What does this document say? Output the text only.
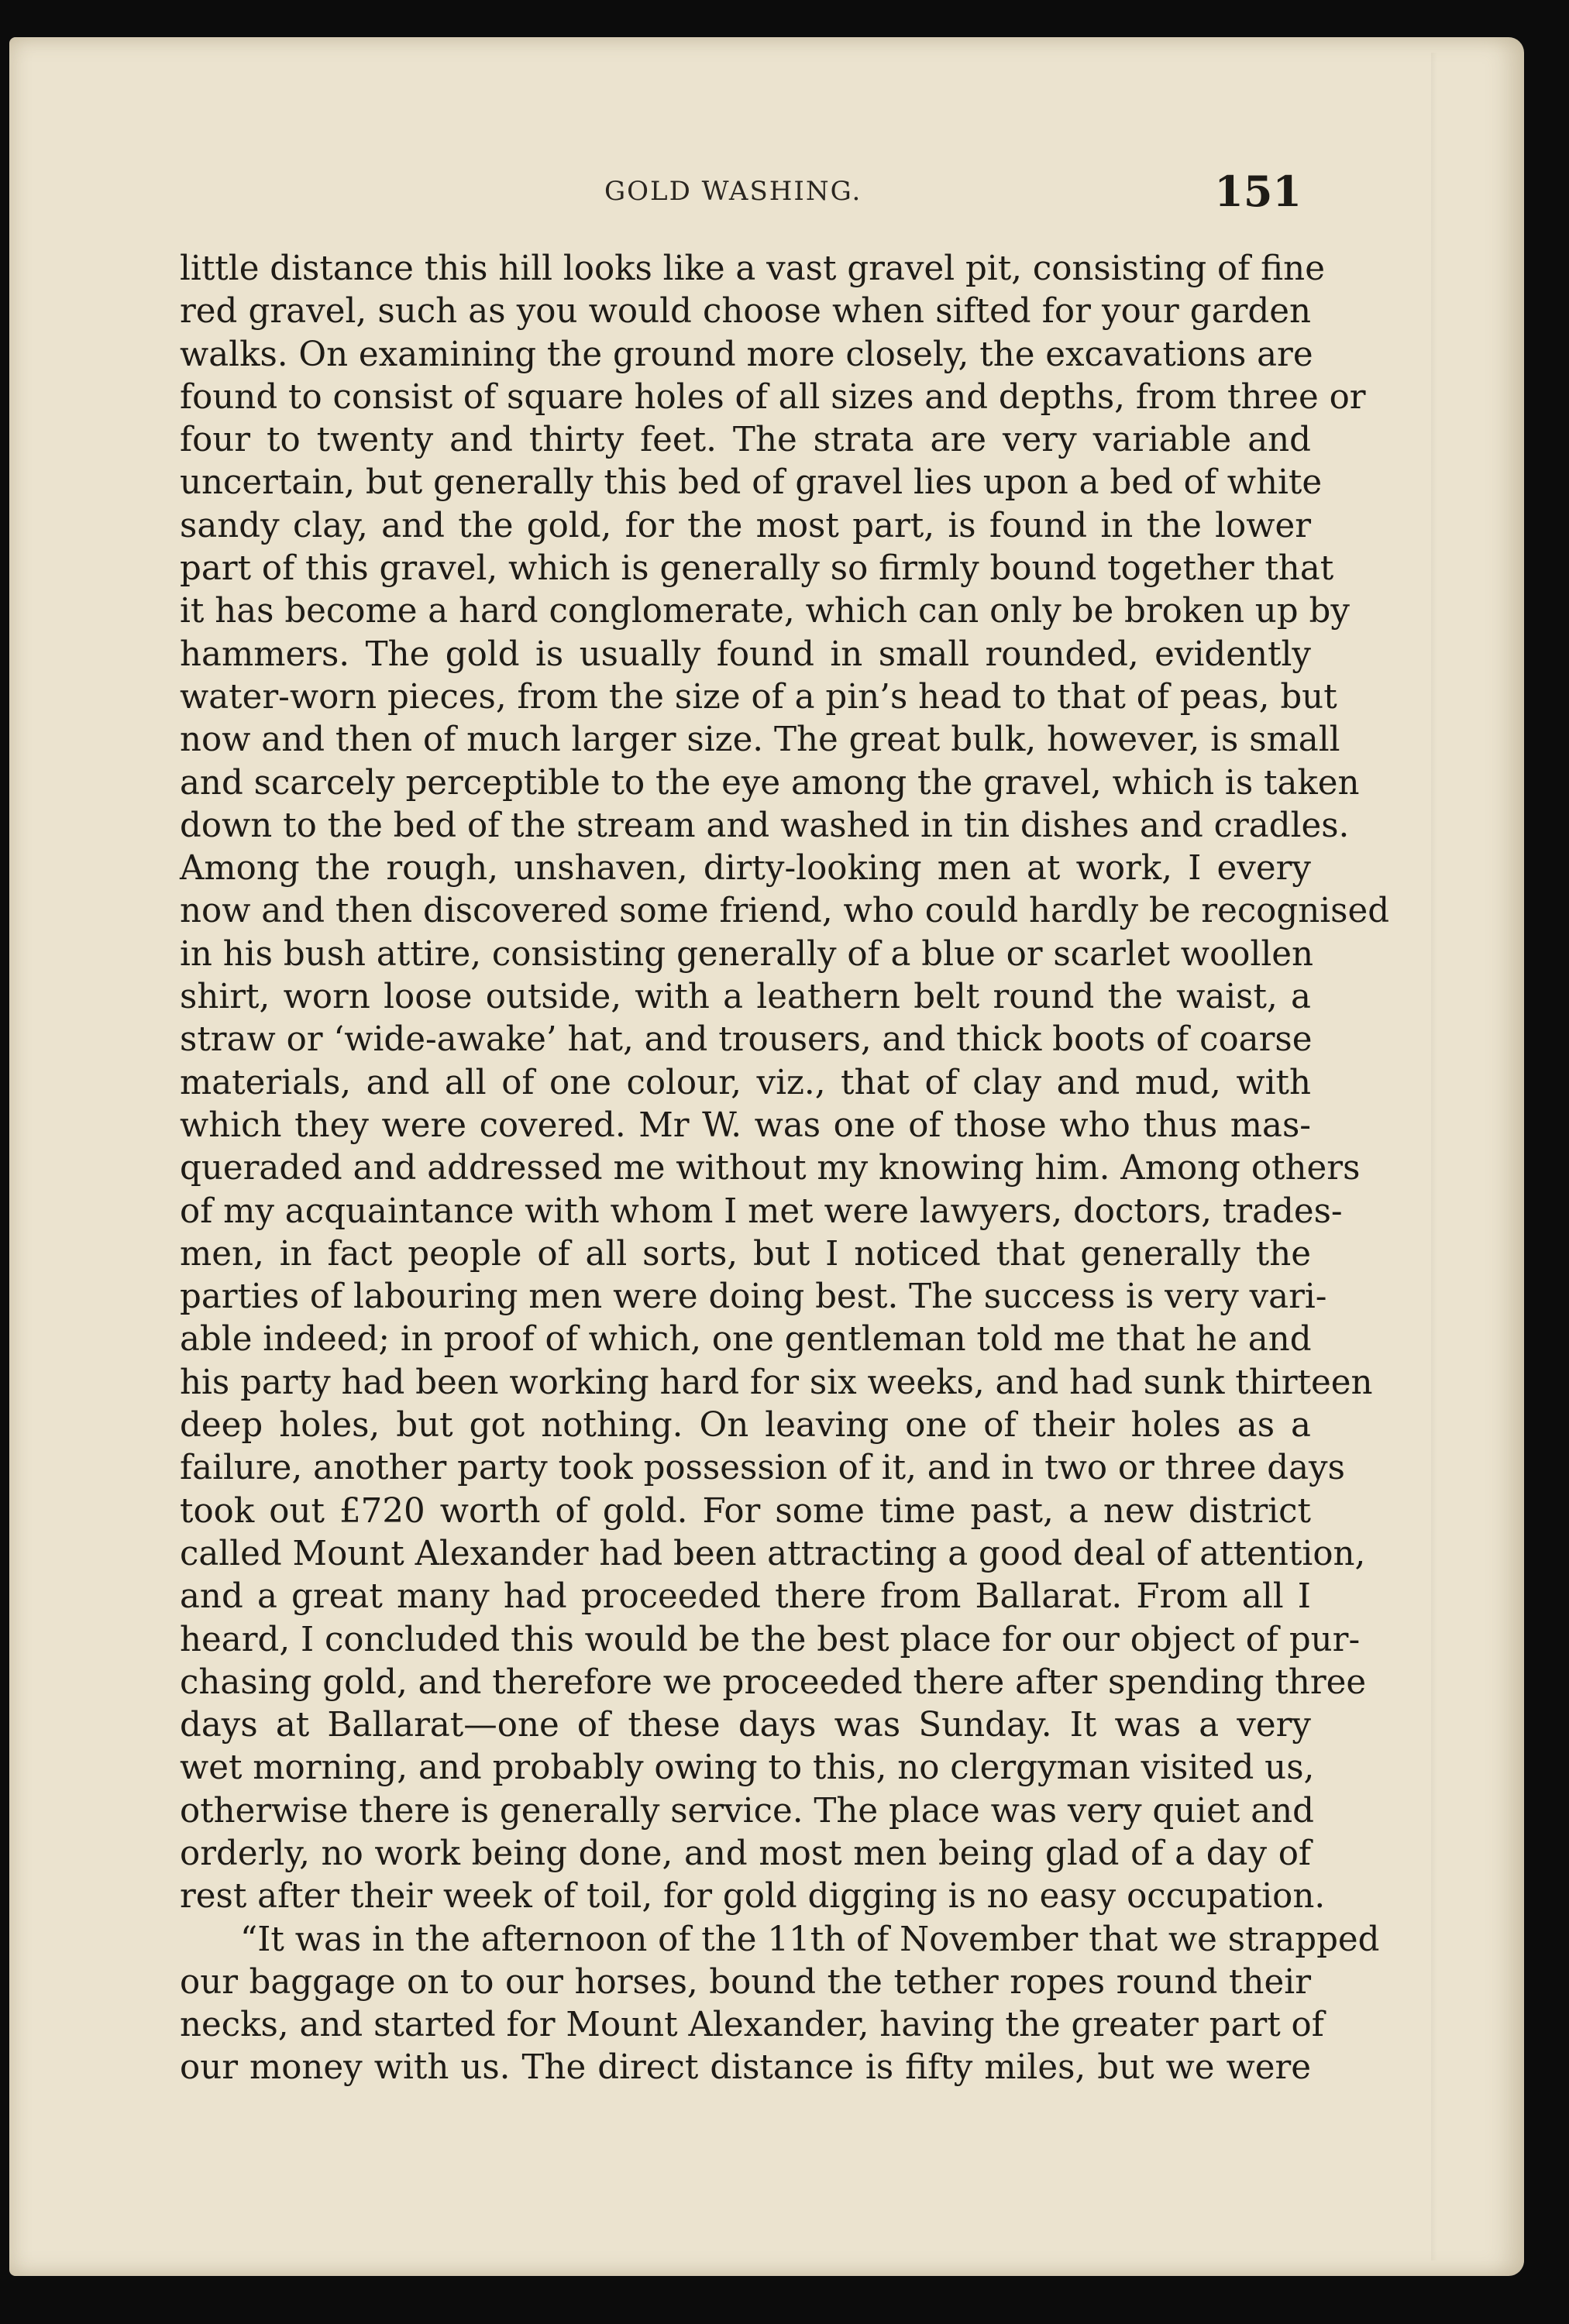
GOLD WASHING.	151
little distance this hill looks like a vast gravel pit, consisting of fine
red gravel, such as you would choose when sifted for your garden
walks. On examining the ground more closely, the excavations are
found to consist of square holes of all sizes and depths, from three or
four to twenty and thirty feet. The strata are very variable and
uncertain, but generally this bed of gravel lies upon a bed of white
sandy clay, and the gold, for the most part, is found in the lower
part of this gravel, which is generally so firmly bound together that
it has become a hard conglomerate, which can only be broken up by
hammers. The gold is usually found in small rounded, evidently
water-worn pieces, from the size of a pin’s head to that of peas, but
now and then of much larger size. The great bulk, however, is small
and scarcely perceptible to the eye among the gravel, which is taken
down to the bed of the stream and washed in tin dishes and cradles.
Among the rough, unshaven, dirty-looking men at work, I every
now and then discovered some friend, who could hardly be recognised
in his bush attire, consisting generally of a blue or scarlet woollen
shirt, worn loose outside, with a leathern belt round the waist, a
straw or ‘wide-awake’ hat, and trousers, and thick boots of coarse
materials, and all of one colour, viz., that of clay and mud, with
which they were covered. Mr W. was one of those who thus mas-
queraded and addressed me without my knowing him. Among others
of my acquaintance with whom I met were lawyers, doctors, trades-
men, in fact people of all sorts, but I noticed that generally the
parties of labouring men were doing best. The success is very vari-
able indeed; in proof of which, one gentleman told me that he and
his party had been working hard for six weeks, and had sunk thirteen
deep holes, but got nothing. On leaving one of their holes as a
failure, another party took possession of it, and in two or three days
took out £720 worth of gold. For some time past, a new district
called Mount Alexander had been attracting a good deal of attention,
and a great many had proceeded there from Ballarat. From all I
heard, I concluded this would be the best place for our object of pur-
chasing gold, and therefore we proceeded there after spending three
days at Ballarat—one of these days was Sunday. It was a very
wet morning, and probably owing to this, no clergyman visited us,
otherwise there is generally service. The place was very quiet and
orderly, no work being done, and most men being glad of a day of
rest after their week of toil, for gold digging is no easy occupation.
“It was in the afternoon of the 11th of November that we strapped
our baggage on to our horses, bound the tether ropes round their
necks, and started for Mount Alexander, having the greater part of
our money with us. The direct distance is fifty miles, but we were
